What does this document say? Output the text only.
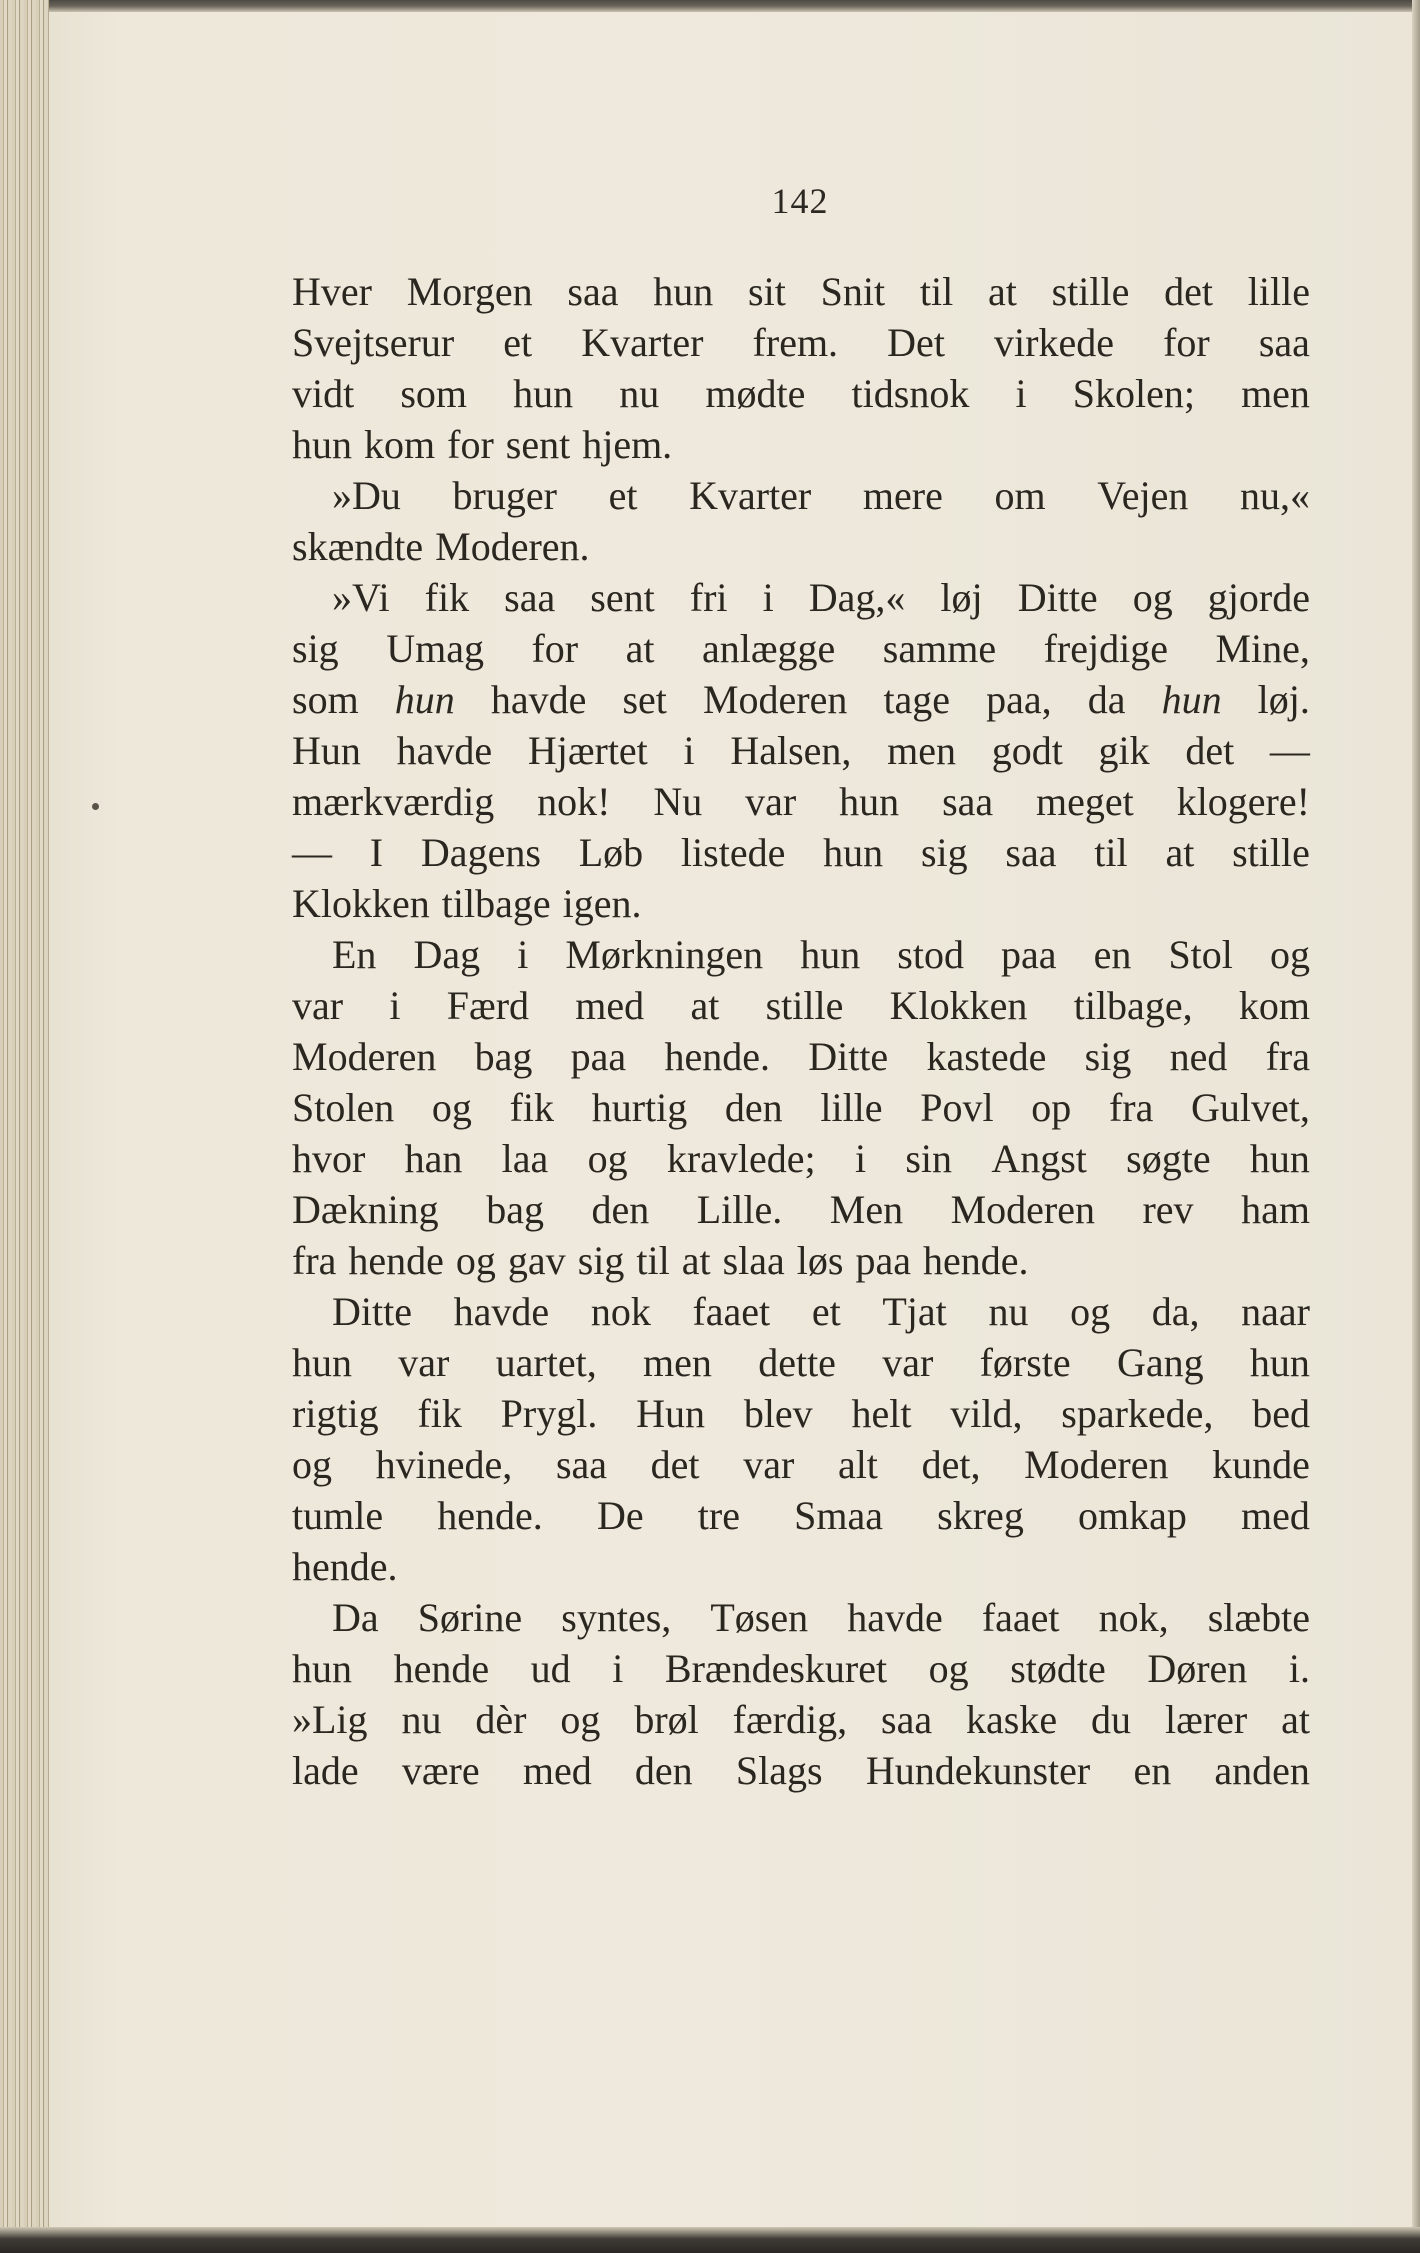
142
Hver Morgen saa hun sit Snit til at stille det lille
Svejtserur et Kvarter frem. Det virkede for saa
vidt som hun nu mødte tidsnok i Skolen; men
hun kom for sent hjem.
»Du bruger et Kvarter mere om Vejen nu,«
skændte Moderen.
»Vi fik saa sent fri i Dag,« løj Ditte og gjorde
sig Umag for at anlægge samme frejdige Mine,
som hun havde set Moderen tage paa, da hun løj.
Hun havde Hjærtet i Halsen, men godt gik det —
mærkværdig nok! Nu var hun saa meget klogere!
— I Dagens Løb listede hun sig saa til at stille
Klokken tilbage igen.
En Dag i Mørkningen hun stod paa en Stol og
var i Færd med at stille Klokken tilbage, kom
Moderen bag paa hende. Ditte kastede sig ned fra
Stolen og fik hurtig den lille Povl op fra Gulvet,
hvor han laa og kravlede; i sin Angst søgte hun
Dækning bag den Lille. Men Moderen rev ham
fra hende og gav sig til at slaa løs paa hende.
Ditte havde nok faaet et Tjat nu og da, naar
hun var uartet, men dette var første Gang hun
rigtig fik Prygl. Hun blev helt vild, sparkede, bed
og hvinede, saa det var alt det, Moderen kunde
tumle hende. De tre Smaa skreg omkap med
hende.
Da Sørine syntes, Tøsen havde faaet nok, slæbte
hun hende ud i Brændeskuret og stødte Døren i.
»Lig nu dèr og brøl færdig, saa kaske du lærer at
lade være med den Slags Hundekunster en anden
